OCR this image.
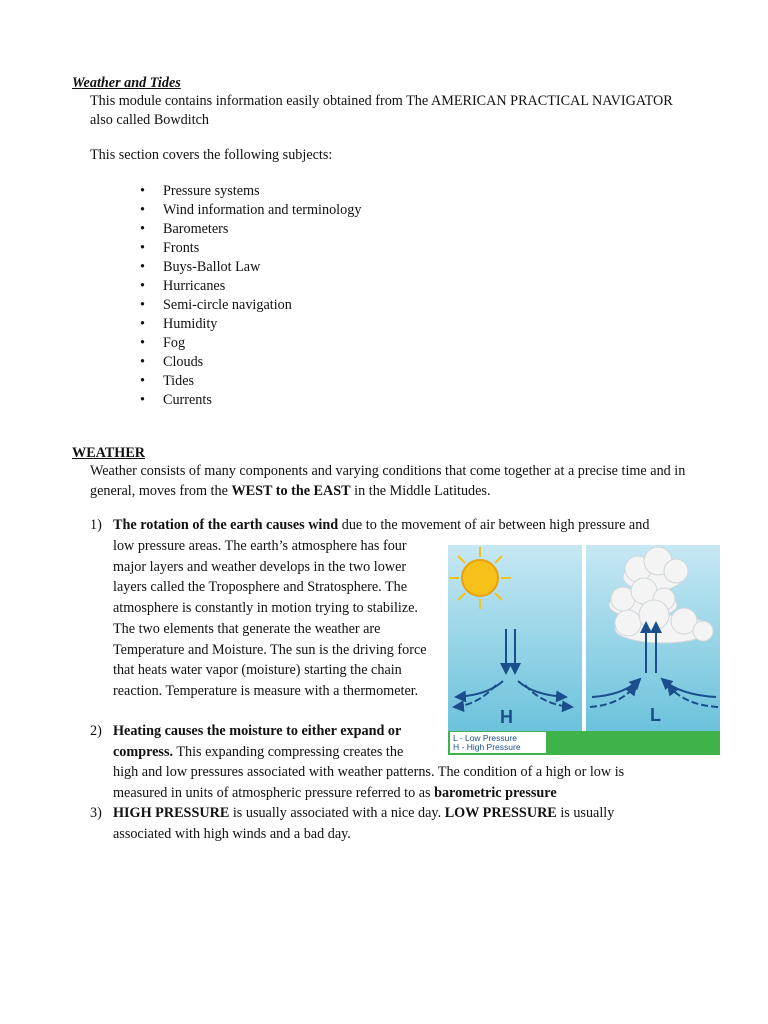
Weather and Tides
This module contains information easily obtained from The AMERICAN PRACTICAL NAVIGATOR also called Bowditch
This section covers the following subjects:
• Pressure systems
• Wind information and terminology
• Barometers
• Fronts
• Buys-Ballot Law
• Hurricanes
• Semi-circle navigation
• Humidity
• Fog
• Clouds
• Tides
• Currents
WEATHER
Weather consists of many components and varying conditions that come together at a precise time and in general, moves from the WEST to the EAST in the Middle Latitudes.
1) The rotation of the earth causes wind due to the movement of air between high pressure and
low pressure areas. The earth’s atmosphere has four major layers and weather develops in the two lower layers called the Troposphere and Stratosphere. The atmosphere is constantly in motion trying to stabilize. The two elements that generate the weather are Temperature and Moisture. The sun is the driving force that heats water vapor (moisture) starting the chain reaction. Temperature is measure with a thermometer.
2) Heating causes the moisture to either expand or compress. This expanding compressing creates the
high and low pressures associated with weather patterns. The condition of a high or low is
measured in units of atmospheric pressure referred to as barometric pressure
3) HIGH PRESSURE is usually associated with a nice day. LOW PRESSURE is usually
associated with high winds and a bad day.
H	L
L - Low Pressure
H - High Pressure
